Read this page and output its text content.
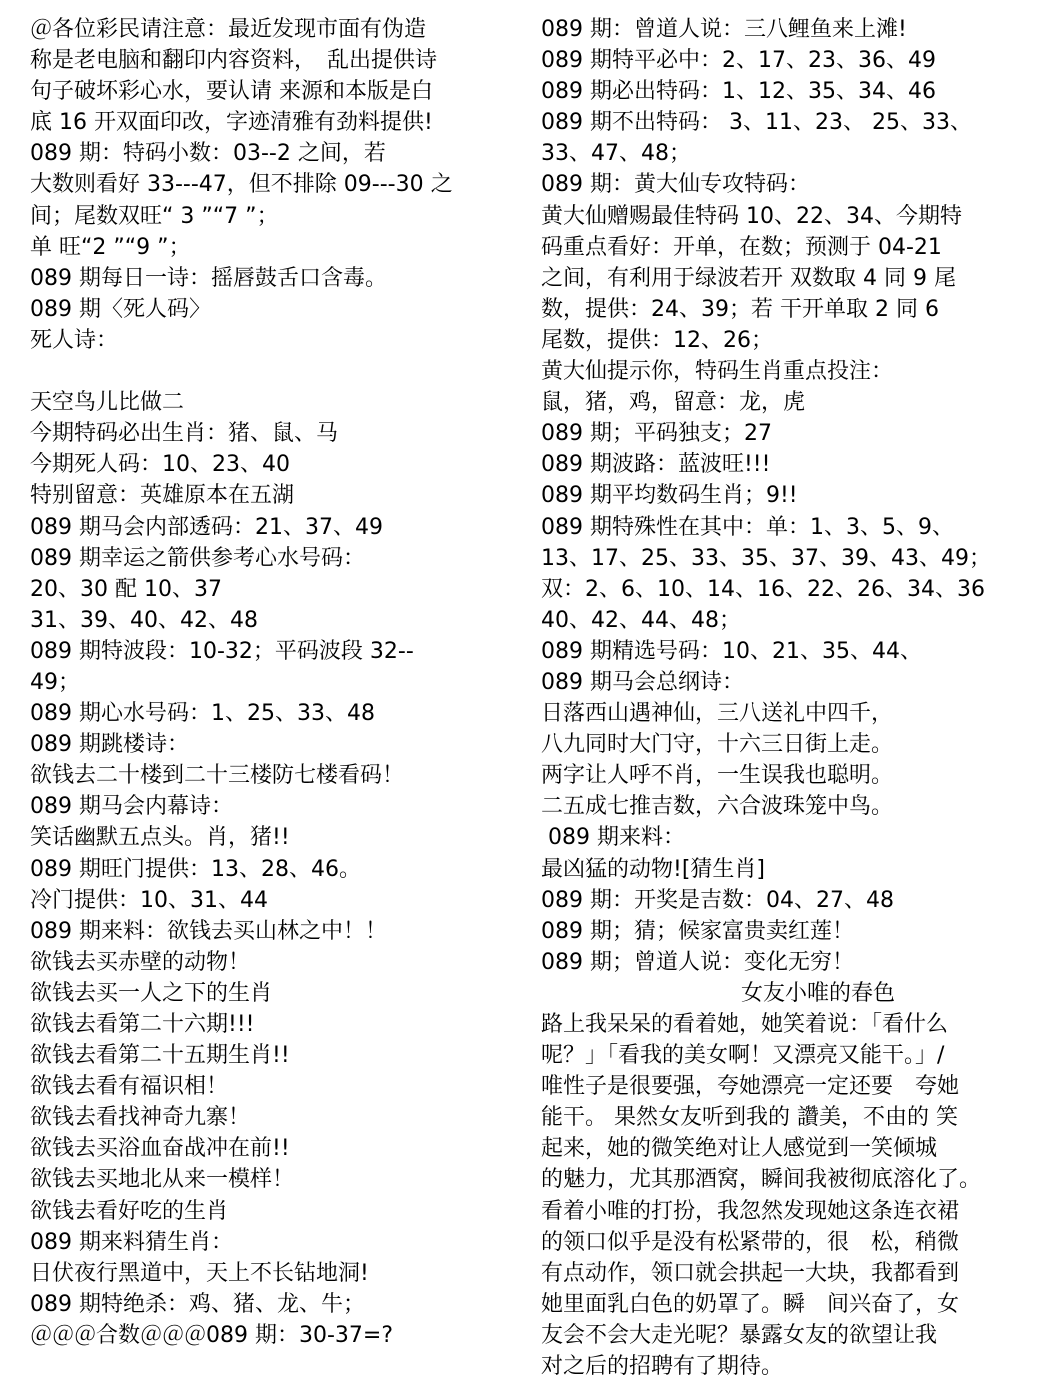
＠各位彩民请注意：最近发现市面有伪造
称是老电脑和翻印内容资料，　乱出提供诗
句子破坏彩心水，要认请 来源和本版是白
底 16 开双面印改，字迹清雅有劲料提供!
089 期：特码小数：03--2 之间，若
大数则看好 33---47，但不排除 09---30 之
间；尾数双旺“ 3 ”“7 ”；
单 旺“2 ”“9 ”；
089 期每日一诗：摇唇鼓舌口含毒。
089 期〈死人码〉
死人诗：
天空鸟儿比做二
今期特码必出生肖：猪、鼠、马
今期死人码：10、23、40
特别留意：英雄原本在五湖
089 期马会内部透码：21、37、49
089 期幸运之箭供参考心水号码：
20、30 配 10、37
31、39、40、42、48
089 期特波段：10-32；平码波段 32--
49；
089 期心水号码：1、25、33、48
089 期跳楼诗：
欲钱去二十楼到二十三楼防七楼看码！
089 期马会内幕诗：
笑话幽默五点头。肖，猪!!
089 期旺门提供：13、28、46。
冷门提供：10、31、44
089 期来料：欲钱去买山林之中！！
欲钱去买赤壁的动物！
欲钱去买一人之下的生肖
欲钱去看第二十六期!!!
欲钱去看第二十五期生肖!!
欲钱去看有福识相！
欲钱去看找神奇九寨！
欲钱去买浴血奋战冲在前!!
欲钱去买地北从来一模样！
欲钱去看好吃的生肖
089 期来料猜生肖：
日伏夜行黑道中，天上不长钻地洞!
089 期特绝杀：鸡、猪、龙、牛；
＠＠＠合数＠＠＠089 期：30-37=?
089 期：曾道人说：三八鲤鱼来上滩!
089 期特平必中：2、17、23、36、49
089 期必出特码：1、12、35、34、46
089 期不出特码： 3、11、23、 25、33、
33、47、48；
089 期：黄大仙专攻特码：
黄大仙赠赐最佳特码 10、22、34、今期特
码重点看好：开单，在数；预测于 04-21
之间，有利用于绿波若开 双数取 4 同 9 尾
数，提供：24、39；若 干开单取 2 同 6
尾数，提供：12、26；
黄大仙提示你，特码生肖重点投注：
鼠，猪，鸡，留意：龙，虎
089 期；平码独支；27
089 期波路：蓝波旺!!!
089 期平均数码生肖；9!!
089 期特殊性在其中：单：1、3、5、9、
13、17、25、33、35、37、39、43、49；
双：2、6、10、14、16、22、26、34、36
40、42、44、48；
089 期精选号码：10、21、35、44、
089 期马会总纲诗：
日落西山遇神仙，三八送礼中四千，
八九同时大门守，十六三日街上走。
两字让人呼不肖，一生误我也聪明。
二五成七推吉数，六合波珠笼中鸟。
089 期来料：
最凶猛的动物![猜生肖]
089 期：开奖是吉数：04、27、48
089 期；猜；候家富贵卖红莲！
089 期；曾道人说：变化无穷！
女友小唯的春色
路上我呆呆的看着她，她笑着说：「看什么
呢？」「看我的美女啊！又漂亮又能干。」/
唯性子是很要强，夸她漂亮一定还要　夸她
能干。 果然女友听到我的 讚美，不由的 笑
起来，她的微笑绝对让人感觉到一笑倾城
的魅力，尤其那酒窝，瞬间我被彻底溶化了。
看着小唯的打扮，我忽然发现她这条连衣裙
的领口似乎是没有松紧带的，很　松，稍微
有点动作，领口就会拱起一大块，我都看到
她里面乳白色的奶罩了。瞬　间兴奋了，女
友会不会大走光呢？暴露女友的欲望让我
对之后的招聘有了期待。
